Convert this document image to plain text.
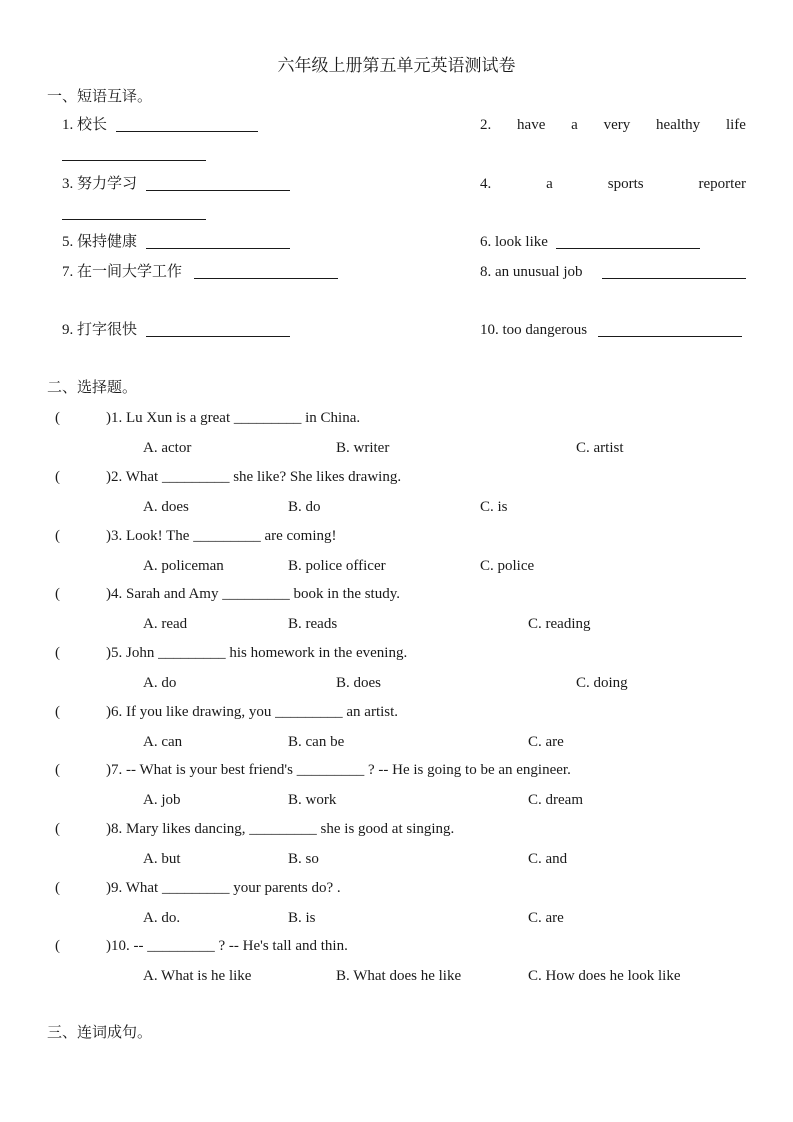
六年级上册第五单元英语测试卷
一、短语互译。
1. 校长	2. have a very healthy life
3. 努力学习	4.	a	sports	reporter
5. 保持健康	6. look like
7. 在一间大学工作	8. an unusual job
9. 打字很快	10. too dangerous
二、选择题。
(	)1. Lu Xun is a great _________ in China.
A. actor	B. writer	C. artist
(	)2. What _________ she like? She likes drawing.
A. does	B. do	C. is
(	)3. Look! The _________ are coming!
A. policeman	B. police officer	C. police
(	)4. Sarah and Amy _________ book in the study.
A. read	B. reads	C. reading
(	)5. John _________ his homework in the evening.
A. do	B. does	C. doing
(	)6. If you like drawing, you _________ an artist.
A. can	B. can be	C. are
(	)7. -- What is your best friend's _________ ? -- He is going to be an engineer.
A. job	B. work	C. dream
(	)8. Mary likes dancing, _________ she is good at singing.
A. but	B. so	C. and
(	)9. What _________ your parents do? .
A. do.	B. is	C. are
(	)10. -- _________ ? -- He's tall and thin.
A. What is he like	B. What does he like	C. How does he look like
三、连词成句。
